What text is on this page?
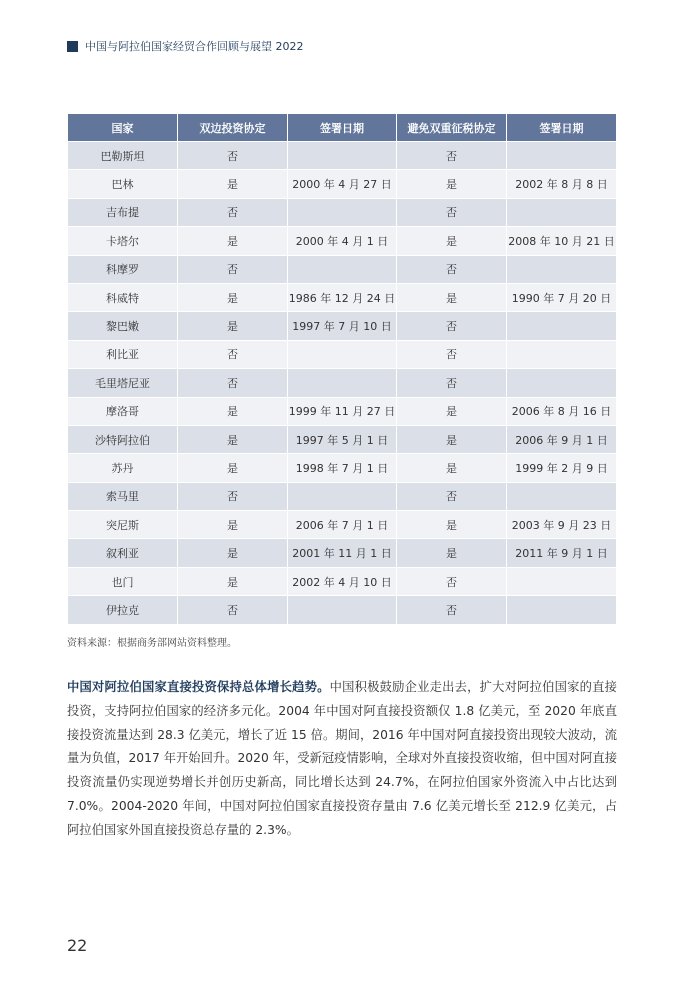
中国与阿拉伯国家经贸合作回顾与展望 2022
国家	双边投资协定	签署日期	避免双重征税协定	签署日期
巴勒斯坦	否		否	
巴林	是	2000 年 4 月 27 日	是	2002 年 8 月 8 日
吉布提	否		否	
卡塔尔	是	2000 年 4 月 1 日	是	2008 年 10 月 21 日
科摩罗	否		否	
科威特	是	1986 年 12 月 24 日	是	1990 年 7 月 20 日
黎巴嫩	是	1997 年 7 月 10 日	否	
利比亚	否		否	
毛里塔尼亚	否		否	
摩洛哥	是	1999 年 11 月 27 日	是	2006 年 8 月 16 日
沙特阿拉伯	是	1997 年 5 月 1 日	是	2006 年 9 月 1 日
苏丹	是	1998 年 7 月 1 日	是	1999 年 2 月 9 日
索马里	否		否	
突尼斯	是	2006 年 7 月 1 日	是	2003 年 9 月 23 日
叙利亚	是	2001 年 11 月 1 日	是	2011 年 9 月 1 日
也门	是	2002 年 4 月 10 日	否	
伊拉克	否		否	
资料来源：根据商务部网站资料整理。

中国对阿拉伯国家直接投资保持总体增长趋势。中国积极鼓励企业走出去，扩大对阿拉伯国家的直接投资，支持阿拉伯国家的经济多元化。2004 年中国对阿直接投资额仅 1.8 亿美元，至 2020 年底直接投资流量达到 28.3 亿美元，增长了近 15 倍。期间，2016 年中国对阿直接投资出现较大波动，流量为负值，2017 年开始回升。2020 年，受新冠疫情影响，全球对外直接投资收缩，但中国对阿直接投资流量仍实现逆势增长并创历史新高，同比增长达到 24.7%，在阿拉伯国家外资流入中占比达到 7.0%。2004-2020 年间，中国对阿拉伯国家直接投资存量由 7.6 亿美元增长至 212.9 亿美元，占阿拉伯国家外国直接投资总存量的 2.3%。

22
